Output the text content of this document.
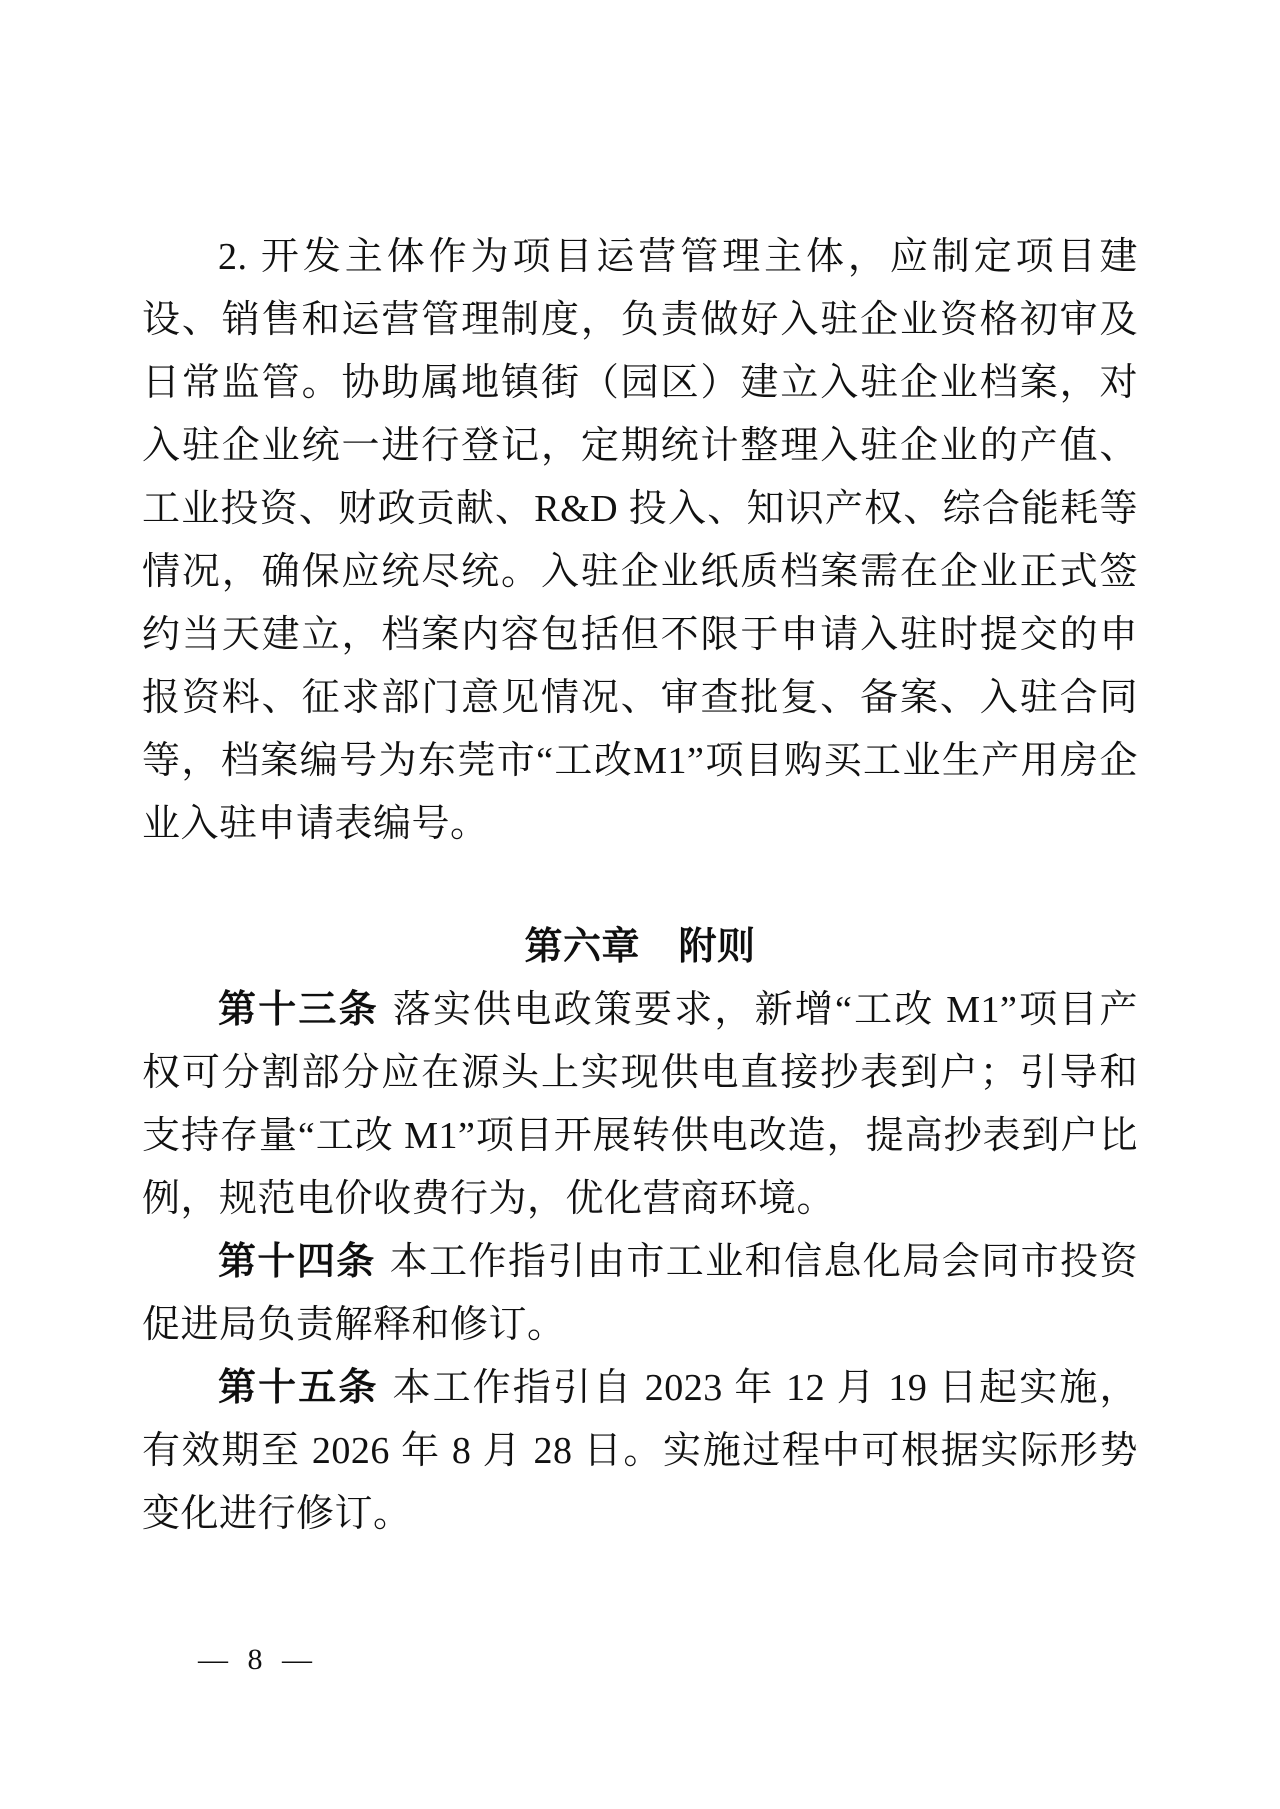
2. 开发主体作为项目运营管理主体，应制定项目建设、销售和运营管理制度，负责做好入驻企业资格初审及日常监管。协助属地镇街（园区）建立入驻企业档案，对入驻企业统一进行登记，定期统计整理入驻企业的产值、工业投资、财政贡献、R&D 投入、知识产权、综合能耗等情况，确保应统尽统。入驻企业纸质档案需在企业正式签约当天建立，档案内容包括但不限于申请入驻时提交的申报资料、征求部门意见情况、审查批复、备案、入驻合同等，档案编号为东莞市“工改M1”项目购买工业生产用房企业入驻申请表编号。

第六章　附则

第十三条 落实供电政策要求，新增“工改 M1”项目产权可分割部分应在源头上实现供电直接抄表到户；引导和支持存量“工改 M1”项目开展转供电改造，提高抄表到户比例，规范电价收费行为，优化营商环境。

第十四条 本工作指引由市工业和信息化局会同市投资促进局负责解释和修订。

第十五条 本工作指引自 2023 年 12 月 19 日起实施，有效期至 2026 年 8 月 28 日。实施过程中可根据实际形势变化进行修订。

— 8 —
